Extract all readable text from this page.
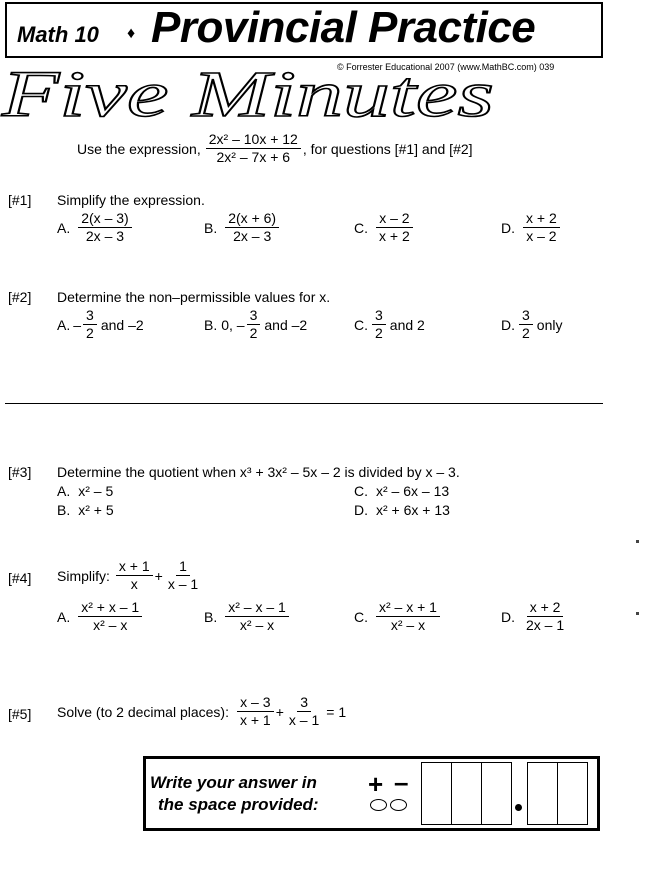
Math 10 ♦ Provincial Practice
© Forrester Educational 2007 (www.MathBC.com) 039
Five Minutes
Use the expression, $\frac{\text{2x² – 10x + 12}}{\text{2x² – 7x + 6}}$ , for questions [#1] and [#2]
[#1] Simplify the expression.
A. $\frac{2(x - 3)}{2x - 3}$	B. $\frac{2(x + 6)}{2x - 3}$	C. $\frac{x - 2}{x + 2}$	D. $\frac{x + 2}{x - 2}$
[#2] Determine the non–permissible values for x.
A. – $\frac{3}{2}$ and –2	B. 0, – $\frac{3}{2}$ and –2	C. $\frac{3}{2}$ and 2	D. $\frac{3}{2}$ only
[#3] Determine the quotient when x³ + 3x² – 5x – 2 is divided by x – 3.
A. x² – 5
B. x² + 5
C. x² – 6x – 13
D. x² + 6x + 13
[#4] Simplify: $\frac{x + 1}{x} + \frac{1}{x - 1}$
A. $\frac{\text{x² + x – 1}}{\text{x² – x}}$	B. $\frac{\text{x² – x – 1}}{\text{x² – x}}$	C. $\frac{\text{x² – x + 1}}{\text{x² – x}}$	D. $\frac{x + 2}{2x - 1}$
[#5] Solve (to 2 decimal places): $\frac{x - 3}{x + 1} + \frac{3}{x - 1} = 1$
Write your answer in
the space provided:
+ –
